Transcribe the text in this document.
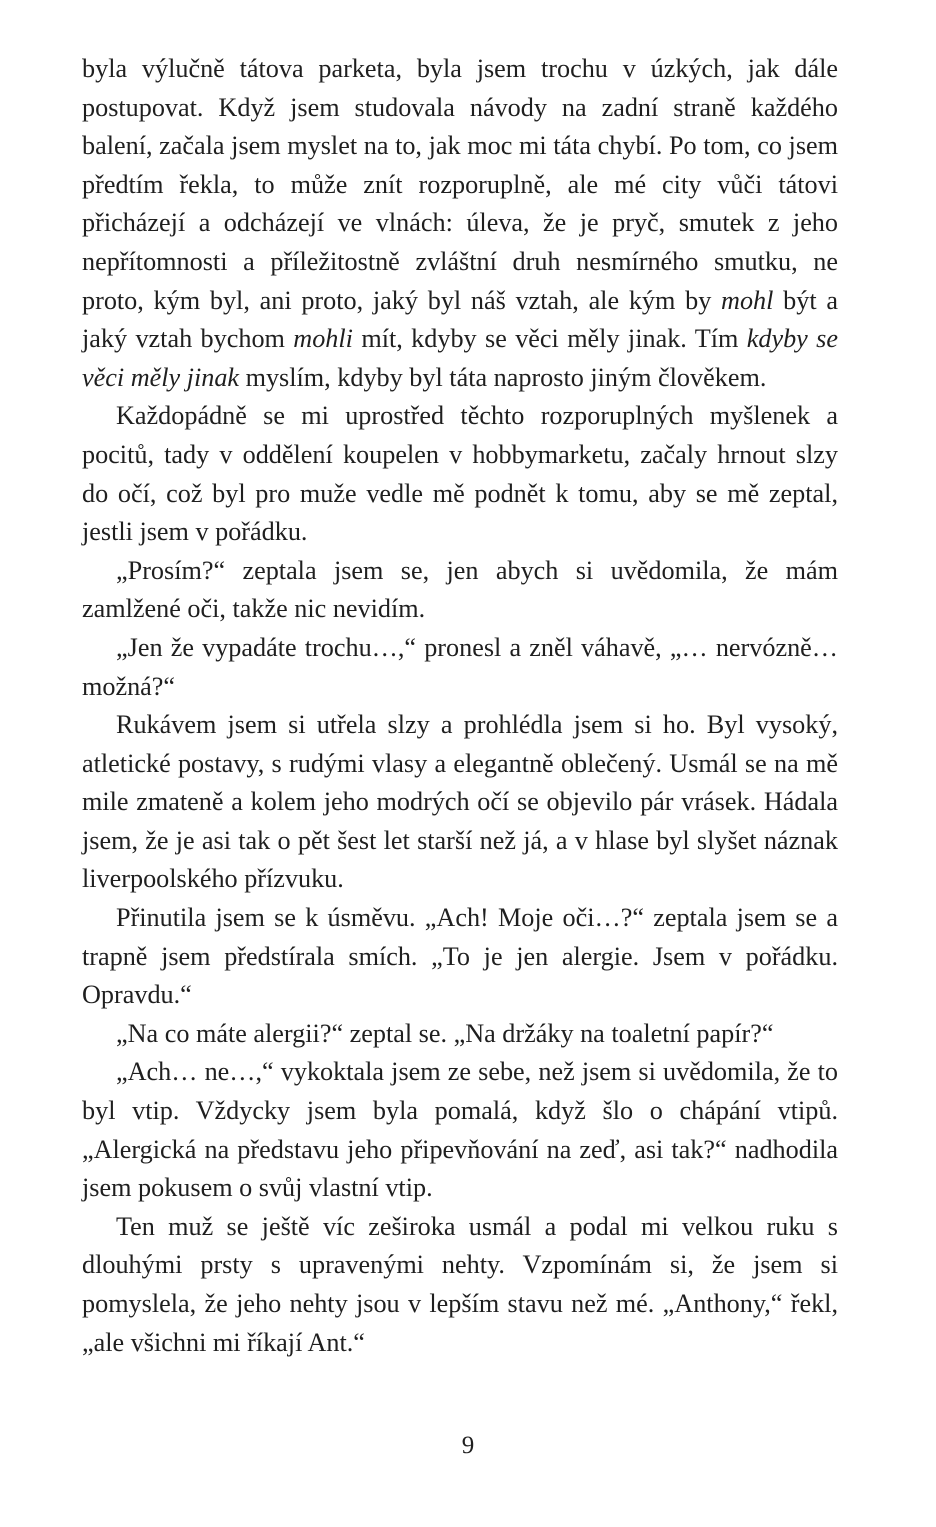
byla výlučně tátova parketa, byla jsem trochu v úzkých, jak dále postupovat. Když jsem studovala návody na zadní straně každého balení, začala jsem myslet na to, jak moc mi táta chybí. Po tom, co jsem předtím řekla, to může znít rozporuplně, ale mé city vůči tátovi přicházejí a odcházejí ve vlnách: úleva, že je pryč, smutek z jeho nepřítomnosti a příležitostně zvláštní druh nesmírného smutku, ne proto, kým byl, ani proto, jaký byl náš vztah, ale kým by mohl být a jaký vztah bychom mohli mít, kdyby se věci měly jinak. Tím kdyby se věci měly jinak myslím, kdyby byl táta naprosto jiným člověkem.

Každopádně se mi uprostřed těchto rozporuplných myšlenek a pocitů, tady v oddělení koupelen v hobbymarketu, začaly hrnout slzy do očí, což byl pro muže vedle mě podnět k tomu, aby se mě zeptal, jestli jsem v pořádku.

„Prosím?“ zeptala jsem se, jen abych si uvědomila, že mám zamlžené oči, takže nic nevidím.

„Jen že vypadáte trochu…,“ pronesl a zněl váhavě, „… nervózně… možná?“

Rukávem jsem si utřela slzy a prohlédla jsem si ho. Byl vysoký, atletické postavy, s rudými vlasy a elegantně oblečený. Usmál se na mě mile zmateně a kolem jeho modrých očí se objevilo pár vrásek. Hádala jsem, že je asi tak o pět šest let starší než já, a v hlase byl slyšet náznak liverpoolského přízvuku.

Přinutila jsem se k úsměvu. „Ach! Moje oči…?“ zeptala jsem se a trapně jsem předstírala smích. „To je jen alergie. Jsem v pořádku. Opravdu.“

„Na co máte alergii?“ zeptal se. „Na držáky na toaletní papír?“

„Ach… ne…,“ vykoktala jsem ze sebe, než jsem si uvědomila, že to byl vtip. Vždycky jsem byla pomalá, když šlo o chápání vtipů. „Alergická na představu jeho připevňování na zeď, asi tak?“ nadhodila jsem pokusem o svůj vlastní vtip.

Ten muž se ještě víc zeširoka usmál a podal mi velkou ruku s dlouhými prsty s upravenými nehty. Vzpomínám si, že jsem si pomyslela, že jeho nehty jsou v lepším stavu než mé. „Anthony,“ řekl, „ale všichni mi říkají Ant.“

9
